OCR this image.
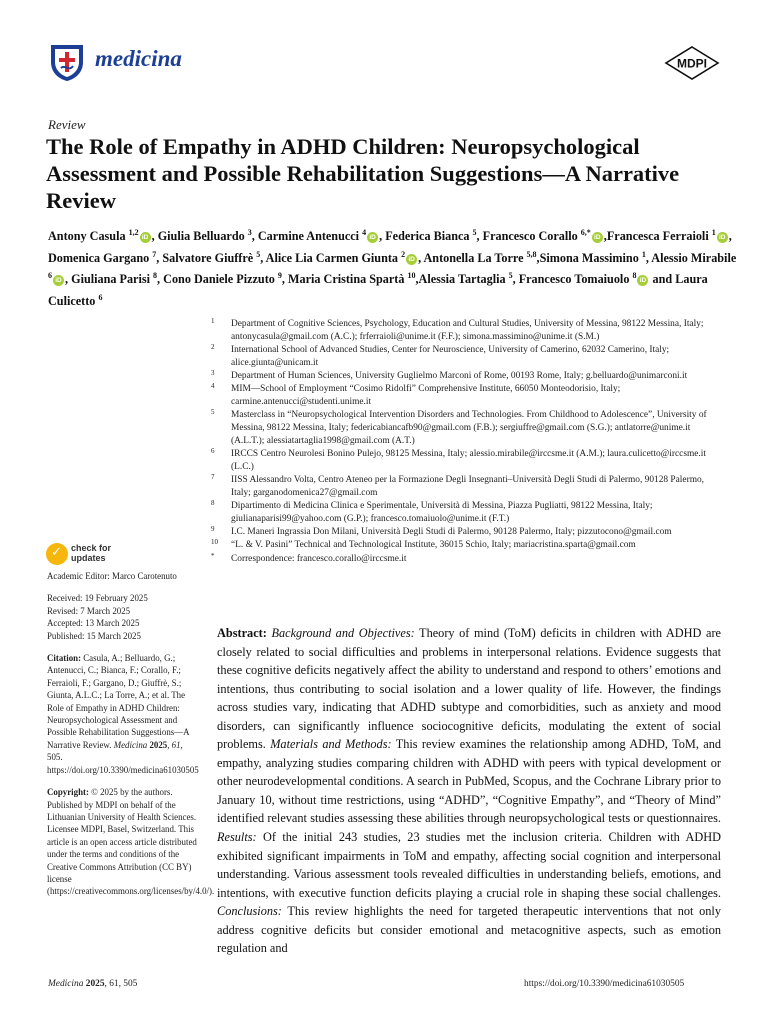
medicina	MDPI
Review
The Role of Empathy in ADHD Children: Neuropsychological Assessment and Possible Rehabilitation Suggestions—A Narrative Review
Antony Casula $^{1,2}$iD , Giulia Belluardo $^3$, Carmine Antenucci $^4$iD , Federica Bianca $^5$, Francesco Corallo $^{6,*}$iD ,Francesca Ferraioli $^1$iD , Domenica Gargano $^7$, Salvatore Giuffrè $^5$, Alice Lia Carmen Giunta $^2$iD , Antonella La Torre $^{5,8}$,Simona Massimino $^1$, Alessio Mirabile $^6$iD , Giuliana Parisi $^8$, Cono Daniele Pizzuto $^9$, Maria Cristina Spartà $^{10}$,Alessia Tartaglia $^5$, Francesco Tomaiuolo $^8$iD and Laura Culicetto $^6$
1 Department of Cognitive Sciences, Psychology, Education and Cultural Studies, University of Messina, 98122 Messina, Italy; antonycasula@gmail.com (A.C.); frferraioli@unime.it (F.F.); simona.massimino@unime.it (S.M.)
2 International School of Advanced Studies, Center for Neuroscience, University of Camerino, 62032 Camerino, Italy; alice.giunta@unicam.it
3 Department of Human Sciences, University Guglielmo Marconi of Rome, 00193 Rome, Italy; g.belluardo@unimarconi.it
4 MIM—School of Employment “Cosimo Ridolfi” Comprehensive Institute, 66050 Monteodorisio, Italy; carmine.antenucci@studenti.unime.it
5 Masterclass in “Neuropsychological Intervention Disorders and Technologies. From Childhood to Adolescence”, University of Messina, 98122 Messina, Italy; federicabiancafb90@gmail.com (F.B.); sergiuffre@gmail.com (S.G.); antlatorre@unime.it (A.L.T.); alessiatartaglia1998@gmail.com (A.T.)
6 IRCCS Centro Neurolesi Bonino Pulejo, 98125 Messina, Italy; alessio.mirabile@irccsme.it (A.M.); laura.culicetto@irccsme.it (L.C.)
7 IISS Alessandro Volta, Centro Ateneo per la Formazione Degli Insegnanti–Università Degli Studi di Palermo, 90128 Palermo, Italy; garganodomenica27@gmail.com
8 Dipartimento di Medicina Clinica e Sperimentale, Università di Messina, Piazza Pugliatti, 98122 Messina, Italy; giulianaparisi99@yahoo.com (G.P.); francesco.tomaiuolo@unime.it (F.T.)
9 I.C. Maneri Ingrassia Don Milani, Università Degli Studi di Palermo, 90128 Palermo, Italy; pizzutocono@gmail.com
10 “L. & V. Pasini” Technical and Technological Institute, 36015 Schio, Italy; mariacristina.sparta@gmail.com
* Correspondence: francesco.corallo@irccsme.it
✓ check for
updates
Academic Editor: Marco Carotenuto
Received: 19 February 2025
Revised: 7 March 2025
Accepted: 13 March 2025
Published: 15 March 2025
Citation: Casula, A.; Belluardo, G.; Antenucci, C.; Bianca, F.; Corallo, F.; Ferraioli, F.; Gargano, D.; Giuffrè, S.; Giunta, A.L.C.; La Torre, A.; et al. The Role of Empathy in ADHD Children: Neuropsychological Assessment and Possible Rehabilitation Suggestions—A Narrative Review. Medicina 2025, 61, 505. https://doi.org/10.3390/medicina61030505
Copyright: © 2025 by the authors. Published by MDPI on behalf of the Lithuanian University of Health Sciences. Licensee MDPI, Basel, Switzerland. This article is an open access article distributed under the terms and conditions of the Creative Commons Attribution (CC BY) license (https://creativecommons.org/licenses/by/4.0/).
Abstract: Background and Objectives: Theory of mind (ToM) deficits in children with ADHD are closely related to social difficulties and problems in interpersonal relations. Evidence suggests that these cognitive deficits negatively affect the ability to understand and respond to others’ emotions and intentions, thus contributing to social isolation and a lower quality of life. However, the findings across studies vary, indicating that ADHD subtype and comorbidities, such as anxiety and mood disorders, can significantly influence sociocognitive deficits, modulating the extent of social problems. Materials and Methods: This review examines the relationship among ADHD, ToM, and empathy, analyzing studies comparing children with ADHD with peers with typical development or other neurodevelopmental conditions. A search in PubMed, Scopus, and the Cochrane Library prior to January 10, without time restrictions, using “ADHD”, “Cognitive Empathy”, and “Theory of Mind” identified relevant studies assessing these abilities through neuropsychological tests or questionnaires. Results: Of the initial 243 studies, 23 studies met the inclusion criteria. Children with ADHD exhibited significant impairments in ToM and empathy, affecting social cognition and interpersonal understanding. Various assessment tools revealed difficulties in understanding beliefs, emotions, and intentions, with executive function deficits playing a crucial role in shaping these social challenges. Conclusions: This review highlights the need for targeted therapeutic interventions that not only address cognitive deficits but consider emotional and metacognitive aspects, such as emotion regulation and
Medicina 2025, 61, 505	https://doi.org/10.3390/medicina61030505
